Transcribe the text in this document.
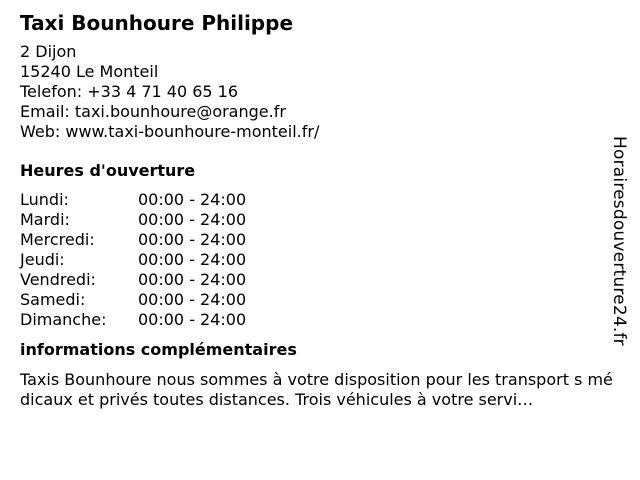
Taxi Bounhoure Philippe
2 Dijon
15240 Le Monteil
Telefon: +33 4 71 40 65 16
Email: taxi.bounhoure@orange.fr
Web: www.taxi-bounhoure-monteil.fr/
Heures d'ouverture
Lundi:	00:00 - 24:00
Mardi:	00:00 - 24:00
Mercredi:	00:00 - 24:00
Jeudi:	00:00 - 24:00
Vendredi:	00:00 - 24:00
Samedi:	00:00 - 24:00
Dimanche:	00:00 - 24:00
informations complémentaires
Taxis Bounhoure nous sommes à votre disposition pour les transport s médicaux et privés toutes distances. Trois véhicules à votre servi…
Horairesdouverture24.fr
